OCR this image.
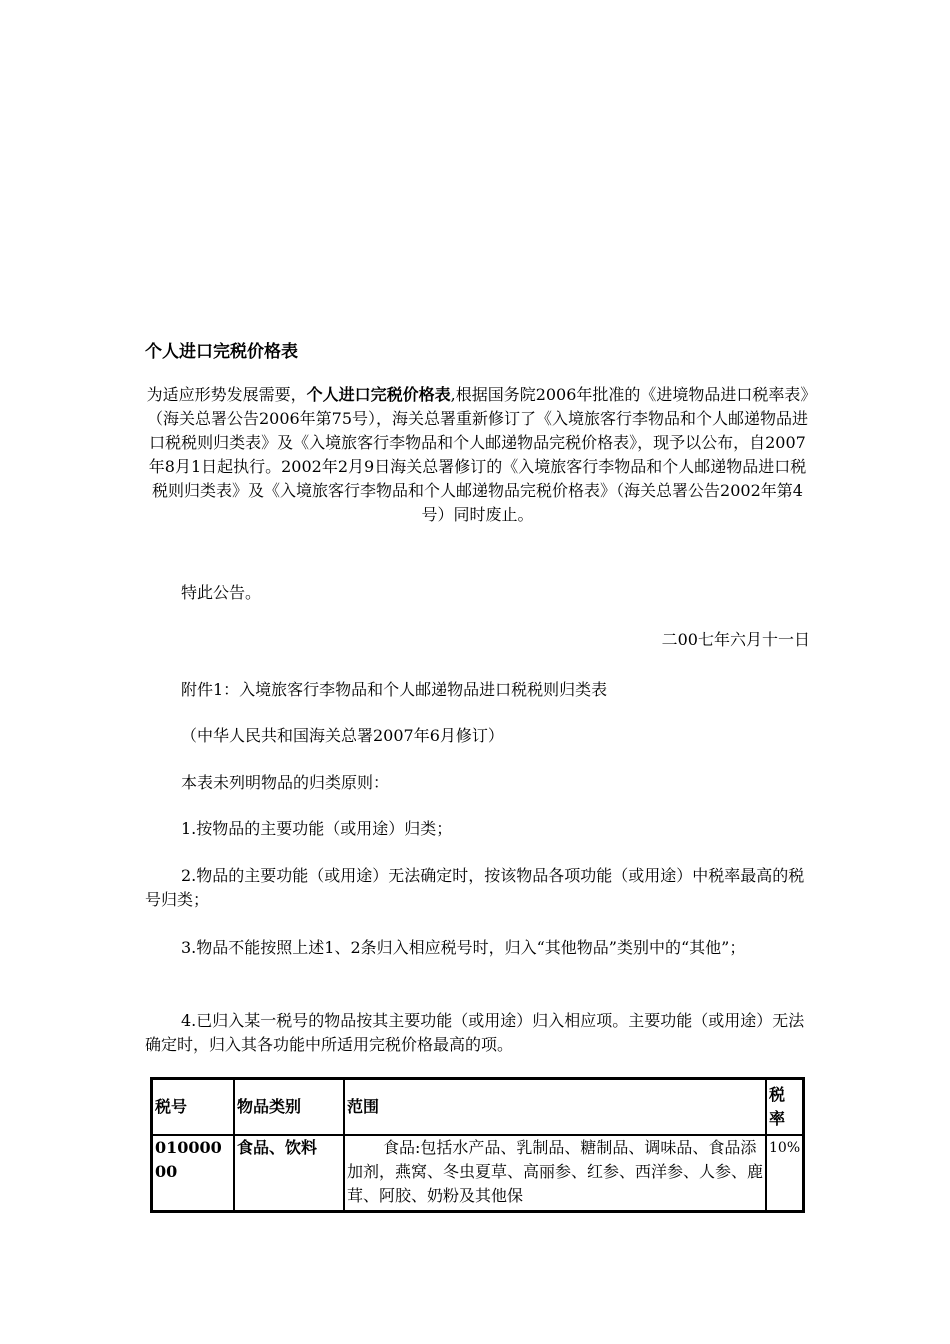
个人进口完税价格表
为适应形势发展需要，个人进口完税价格表,根据国务院2006年批准的《进境物品进口税率表》（海关总署公告2006年第75号），海关总署重新修订了《入境旅客行李物品和个人邮递物品进口税税则归类表》及《入境旅客行李物品和个人邮递物品完税价格表》，现予以公布，自2007年8月1日起执行。2002年2月9日海关总署修订的《入境旅客行李物品和个人邮递物品进口税税则归类表》及《入境旅客行李物品和个人邮递物品完税价格表》（海关总署公告2002年第4号）同时废止。
特此公告。
二00七年六月十一日
附件1：入境旅客行李物品和个人邮递物品进口税税则归类表
（中华人民共和国海关总署2007年6月修订）
本表未列明物品的归类原则：
1.按物品的主要功能（或用途）归类；
2.物品的主要功能（或用途）无法确定时，按该物品各项功能（或用途）中税率最高的税号归类；
3.物品不能按照上述1、2条归入相应税号时，归入“其他物品”类别中的“其他”；
4.已归入某一税号的物品按其主要功能（或用途）归入相应项。主要功能（或用途）无法确定时，归入其各功能中所适用完税价格最高的项。
税号	物品类别	范围	税率
01000000	食品、饮料	食品:包括水产品、乳制品、糖制品、调味品、食品添加剂，燕窝、冬虫夏草、高丽参、红参、西洋参、人参、鹿茸、阿胶、奶粉及其他保	10%
